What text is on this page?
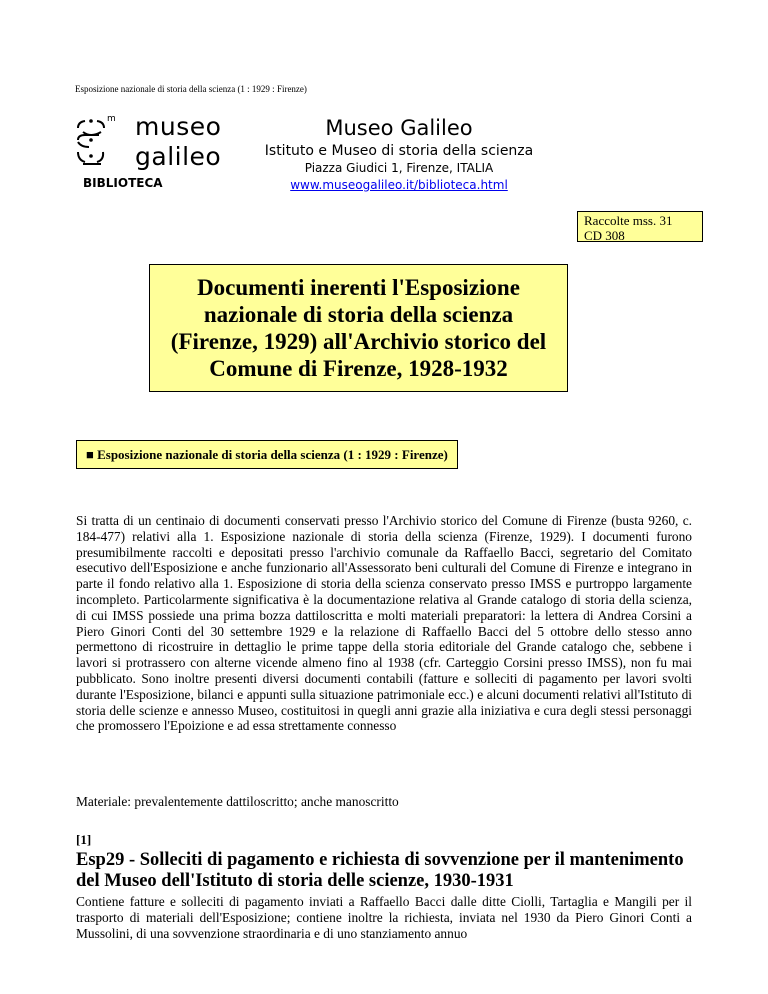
Esposizione nazionale di storia della scienza (1 : 1929 : Firenze)
m museo
galileo
BIBLIOTECA
Museo Galileo
Istituto e Museo di storia della scienza
Piazza Giudici 1, Firenze, ITALIA
www.museogalileo.it/biblioteca.html
Raccolte mss. 31
CD 308
Documenti inerenti l'Esposizione nazionale di storia della scienza (Firenze, 1929) all'Archivio storico del Comune di Firenze, 1928-1932
■ Esposizione nazionale di storia della scienza (1 : 1929 : Firenze)

Si tratta di un centinaio di documenti conservati presso l'Archivio storico del Comune di Firenze (busta 9260, c. 184-477) relativi alla 1. Esposizione nazionale di storia della scienza (Firenze, 1929). I documenti furono presumibilmente raccolti e depositati presso l'archivio comunale da Raffaello Bacci, segretario del Comitato esecutivo dell'Esposizione e anche funzionario all'Assessorato beni culturali del Comune di Firenze e integrano in parte il fondo relativo alla 1. Esposizione di storia della scienza conservato presso IMSS e purtroppo largamente incompleto. Particolarmente significativa è la documentazione relativa al Grande catalogo di storia della scienza, di cui IMSS possiede una prima bozza dattiloscritta e molti materiali preparatori: la lettera di Andrea Corsini a Piero Ginori Conti del 30 settembre 1929 e la relazione di Raffaello Bacci del 5 ottobre dello stesso anno permettono di ricostruire in dettaglio le prime tappe della storia editoriale del Grande catalogo che, sebbene i lavori si protrassero con alterne vicende almeno fino al 1938 (cfr. Carteggio Corsini presso IMSS), non fu mai pubblicato. Sono inoltre presenti diversi documenti contabili (fatture e solleciti di pagamento per lavori svolti durante l'Esposizione, bilanci e appunti sulla situazione patrimoniale ecc.) e alcuni documenti relativi all'Istituto di storia delle scienze e annesso Museo, costituitosi in quegli anni grazie alla iniziativa e cura degli stessi personaggi che promossero l'Epoizione e ad essa strettamente connesso

Materiale: prevalentemente dattiloscritto; anche manoscritto
[1]
Esp29 - Solleciti di pagamento e richiesta di sovvenzione per il mantenimento del Museo dell'Istituto di storia delle scienze, 1930-1931

Contiene fatture e solleciti di pagamento inviati a Raffaello Bacci dalle ditte Ciolli, Tartaglia e Mangili per il trasporto di materiali dell'Esposizione; contiene inoltre la richiesta, inviata nel 1930 da Piero Ginori Conti a Mussolini, di una sovvenzione straordinaria e di uno stanziamento annuo
